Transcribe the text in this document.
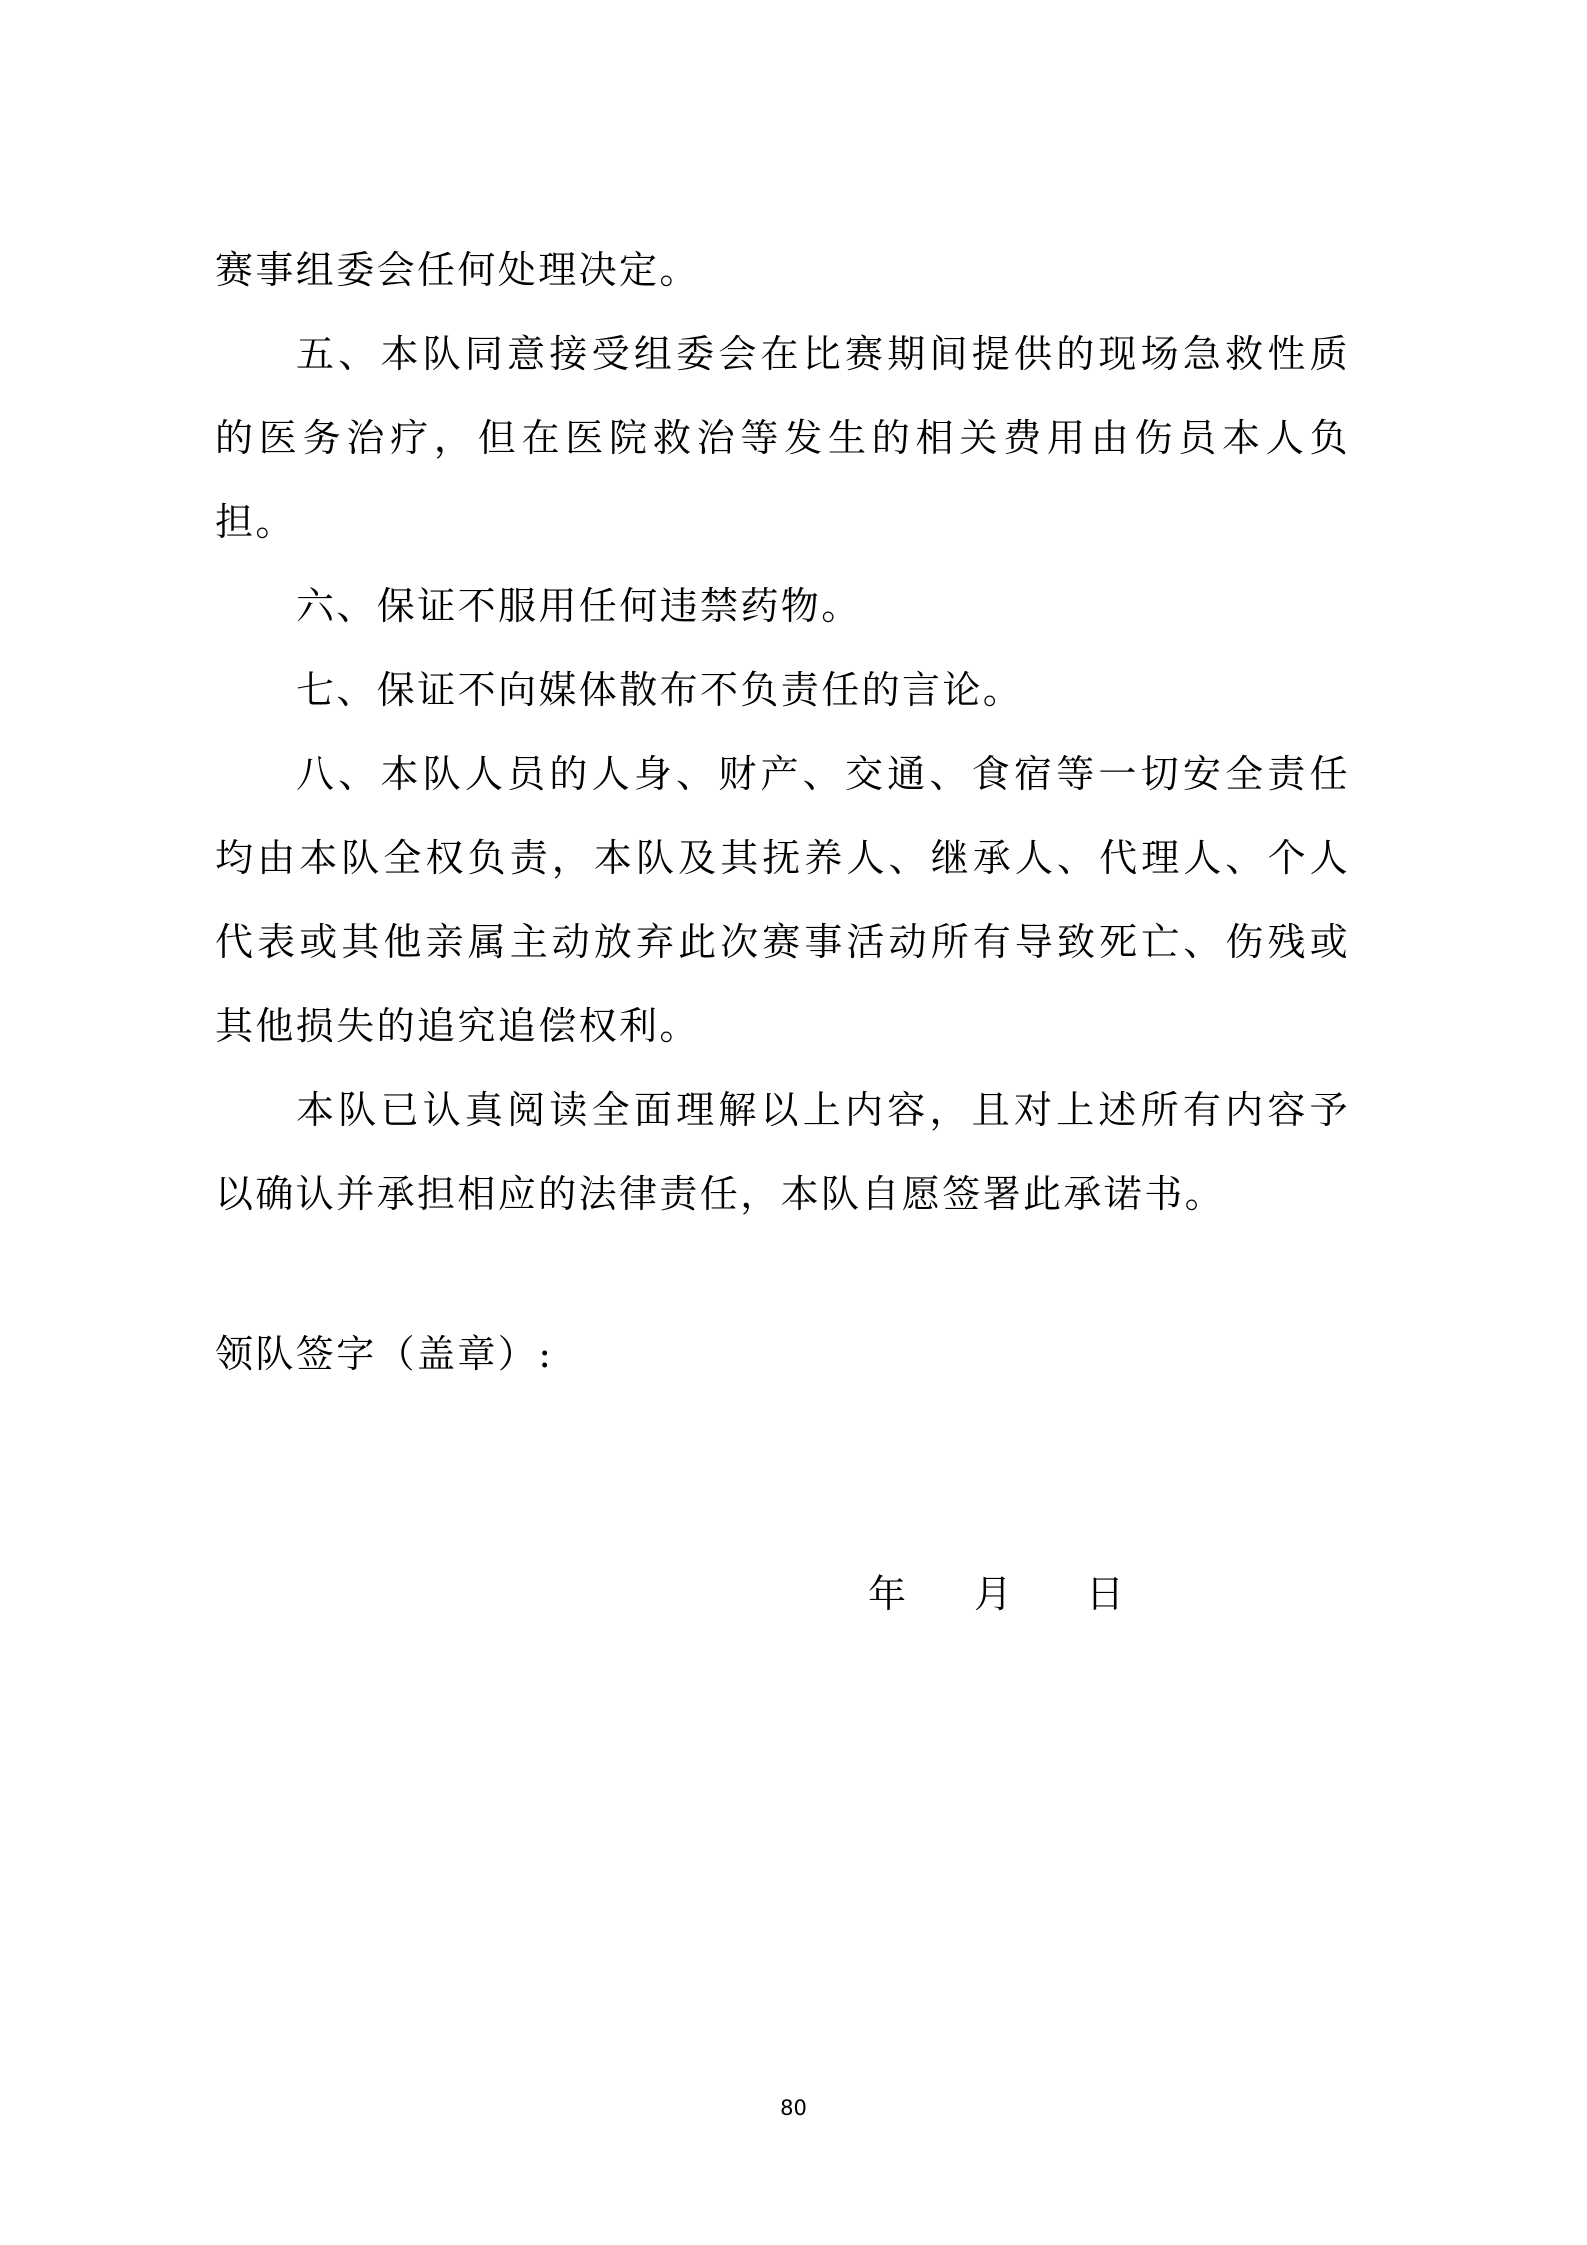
赛事组委会任何处理决定。
五、本队同意接受组委会在比赛期间提供的现场急救性质
的医务治疗，但在医院救治等发生的相关费用由伤员本人负
担。
六、保证不服用任何违禁药物。
七、保证不向媒体散布不负责任的言论。
八、本队人员的人身、财产、交通、食宿等一切安全责任
均由本队全权负责，本队及其抚养人、继承人、代理人、个人
代表或其他亲属主动放弃此次赛事活动所有导致死亡、伤残或
其他损失的追究追偿权利。
本队已认真阅读全面理解以上内容，且对上述所有内容予
以确认并承担相应的法律责任，本队自愿签署此承诺书。
领队签字（盖章）:
年 月 日
80
